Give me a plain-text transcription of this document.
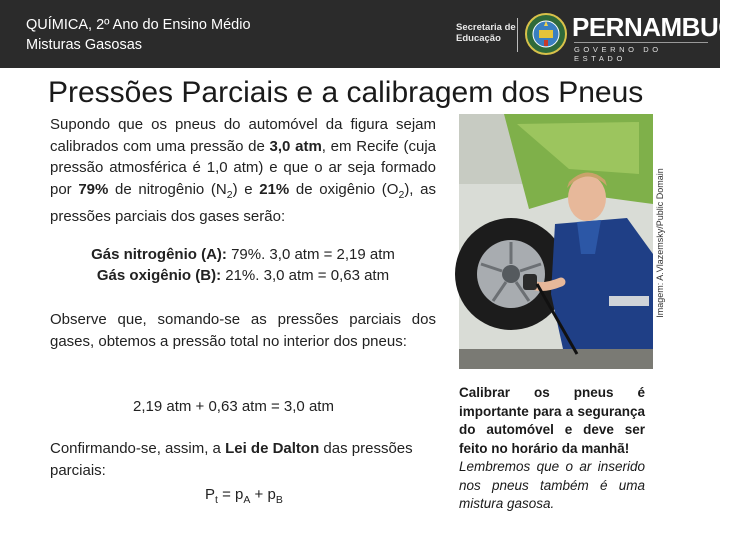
QUÍMICA, 2º Ano do Ensino Médio
Misturas Gasosas
Secretaria de
Educação	PERNAMBUCO
GOVERNO DO ESTADO
Pressões Parciais e a calibragem dos Pneus
Supondo que os pneus do automóvel da figura sejam calibrados com uma pressão de 3,0 atm, em Recife (cuja pressão atmosférica é 1,0 atm) e que o ar seja formado por 79% de nitrogênio $(N_2)$ e 21% de oxigênio $(O_2)$, as pressões parciais dos gases serão:
Gás nitrogênio (A): 79%. 3,0 atm = 2,19 atm
Gás oxigênio (B): 21%. 3,0 atm = 0,63 atm
Observe que, somando-se as pressões parciais dos gases, obtemos a pressão total no interior dos pneus:
2,19 atm + 0,63 atm = 3,0 atm
Confirmando-se, assim, a Lei de Dalton das pressões parciais:
$P_t = p_A + p_B$
Imagem: A.Vlazemsky/Public Domain

Calibrar os pneus é importante para a segurança do automóvel e deve ser feito no horário da manhã!

Lembremos que o ar inserido nos pneus também é uma mistura gasosa.
